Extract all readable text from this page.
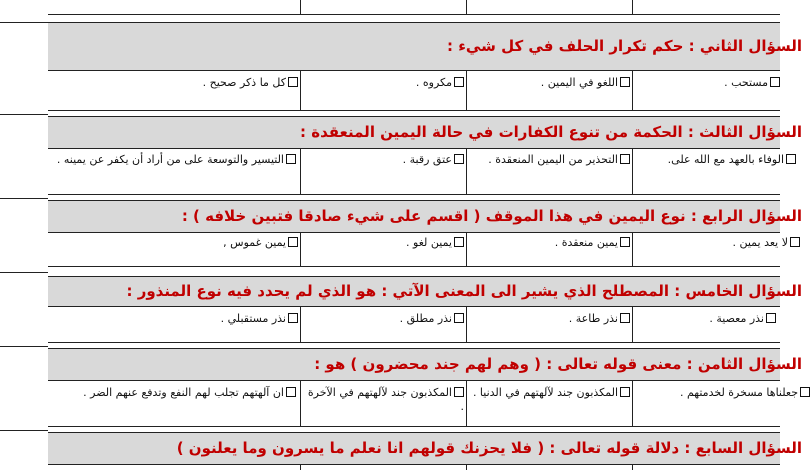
السؤال الثاني : حكم تكرار الحلف في كل شيء :
مستحب .
اللغو في اليمين .
مكروه .
كل ما ذكر صحيح .
السؤال الثالث : الحكمة من تنوع الكفارات في حالة اليمين المنعقدة :
الوفاء بالعهد مع الله على.
التحذير من اليمين المنعقدة .
عتق رقبة .
التيسير والتوسعة على من أراد أن يكفر عن يمينه .
السؤال الرابع : نوع اليمين في هذا الموقف ( اقسم على شيء صادقا فتبين خلافه ) :
لا يعد يمين .
يمين منعقدة .
يمين لغو .
يمين غموس ,
السؤال الخامس : المصطلح الذي يشير الى المعنى الآتي : هو الذي لم يحدد فيه نوع المنذور :
نذر معصية .
نذر طاعة .
نذر مطلق .
نذر مستقبلي .
السؤال الثامن : معنى قوله تعالى : ( وهم لهم جند محضرون ) هو :
جعلناها مسخرة لخدمتهم .
المكذبون جند لآلهتهم في الدنيا .
المكذبون جند لآلهتهم في الآخرة .
ان آلهتهم تجلب لهم النفع وتدفع عنهم الضر .
السؤال السابع : دلالة قوله تعالى : ( فلا يحزنك قولهم انا نعلم ما يسرون وما يعلنون )
